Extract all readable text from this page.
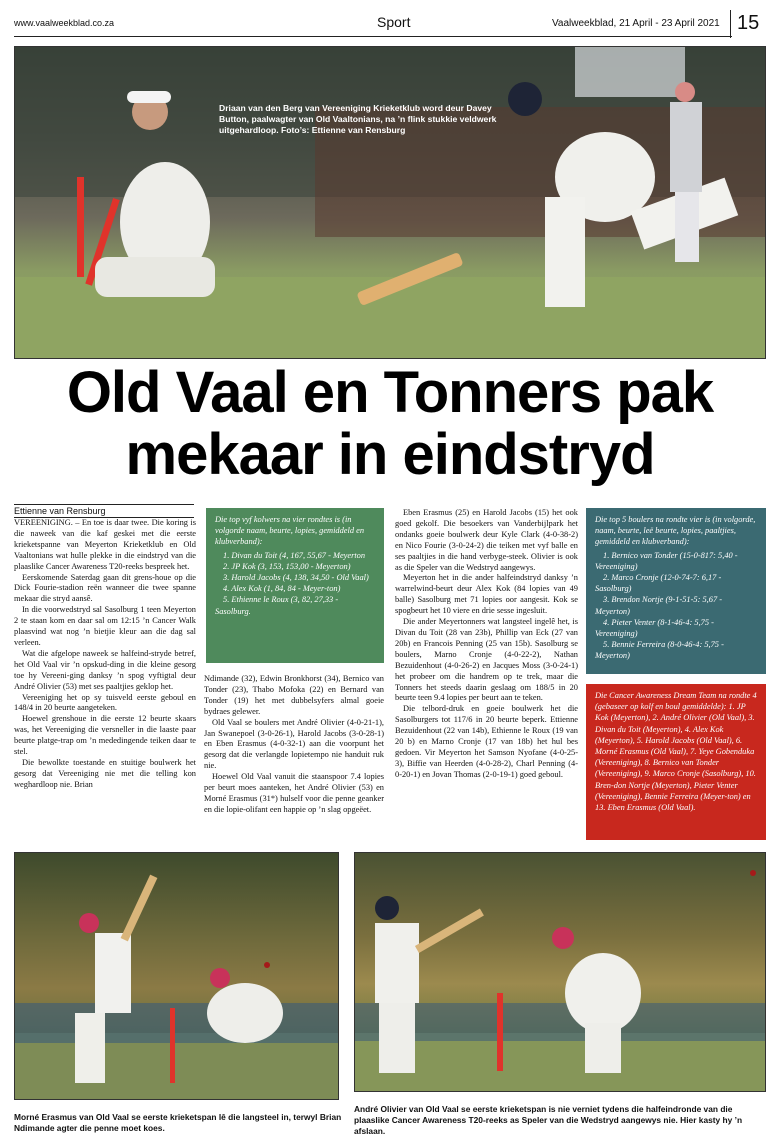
www.vaalweekblad.co.za	Sport	Vaalweekblad, 21 April - 23 April 2021 15
Driaan van den Berg van Vereeniging Krieketklub word deur Davey Button, paalwagter van Old Vaaltonians, na ’n flink stukkie veldwerk uitgehardloop. Foto’s: Ettienne van Rensburg
Old Vaal en Tonners pak
mekaar in eindstryd
Ettienne van Rensburg

VEREENIGING. – En toe is daar twee. Die koring is die naweek van die kaf geskei met die eerste krieketspanne van Meyerton Krieketklub en Old Vaaltonians wat hulle plekke in die eindstryd van die plaaslike Cancer Awareness T20-reeks bespreek het.

Eerskomende Saterdag gaan dit grens-houe op die Dick Fourie-stadion reën wanneer die twee spanne mekaar die stryd aansê.

In die voorwedstryd sal Sasolburg 1 teen Meyerton 2 te staan kom en daar sal om 12:15 ’n Cancer Walk plaasvind wat nog ’n bietjie kleur aan die dag sal verleen.

Wat die afgelope naweek se halfeind-stryde betref, het Old Vaal vir ’n opskud-ding in die kleine gesorg toe hy Vereeni-ging danksy ’n spog vyftigtal deur André Olivier (53) met ses paaltjies geklop het.

Vereeniging het op sy tuisveld eerste geboul en 148/4 in 20 beurte aangeteken.

Hoewel grenshoue in die eerste 12 beurte skaars was, het Vereeniging die versneller in die laaste paar beurte platge-trap om ’n mededingende teiken daar te stel.

Die bewolkte toestande en stuitige boulwerk het gesorg dat Vereeniging nie met die telling kon weghardloop nie. Brian

Die top vyf kolwers na vier rondtes is (in volgorde naam, beurte, lopies, gemiddeld en klubverband):
1. Divan du Toit (4, 167, 55,67 - Meyerton
2. JP Kok (3, 153, 153,00 - Meyerton)
3. Harold Jacobs (4, 138, 34,50 - Old Vaal)
4. Alex Kok (1, 84, 84 - Meyer-ton)
5. Ethienne le Roux (3, 82, 27,33 - Sasolburg.

Ndimande (32), Edwin Bronkhorst (34), Bernico van Tonder (23), Thabo Mofoka (22) en Bernard van Tonder (19) het met dubbelsyfers almal goeie bydraes gelewer.

Old Vaal se boulers met André Olivier (4-0-21-1), Jan Swanepoel (3-0-26-1), Harold Jacobs (3-0-28-1) en Eben Erasmus (4-0-32-1) aan die voorpunt het gesorg dat die verlangde lopietempo nie handuit ruk nie.

Hoewel Old Vaal vanuit die staanspoor 7.4 lopies per beurt moes aanteken, het André Olivier (53) en Morné Erasmus (31*) hulself voor die penne geanker en die lopie-olifant een happie op ’n slag opgeëet.

Eben Erasmus (25) en Harold Jacobs (15) het ook goed gekolf. Die besoekers van Vanderbijlpark het ondanks goeie boulwerk deur Kyle Clark (4-0-38-2) en Nico Fourie (3-0-24-2) die teiken met vyf balle en ses paaltjies in die hand verbyge-steek. Olivier is ook as die Speler van die Wedstryd aangewys.

Meyerton het in die ander halfeindstryd danksy ’n warrelwind-beurt deur Alex Kok (84 lopies van 49 balle) Sasolburg met 71 lopies oor aangesit. Kok se spogbeurt het 10 viere en drie sesse ingesluit.

Die ander Meyertonners wat langsteel ingelê het, is Divan du Toit (28 van 23b), Phillip van Eck (27 van 20b) en Francois Penning (25 van 15b). Sasolburg se boulers, Marno Cronje (4-0-22-2), Nathan Bezuidenhout (4-0-26-2) en Jacques Moss (3-0-24-1) het probeer om die handrem op te trek, maar die Tonners het steeds daarin geslaag om 188/5 in 20 beurte teen 9.4 lopies per beurt aan te teken.

Die telbord-druk en goeie boulwerk het die Sasolburgers tot 117/6 in 20 beurte beperk. Ettienne Bezuidenhout (22 van 14b), Ethienne le Roux (19 van 20 b) en Marno Cronje (17 van 18b) het hul bes gedoen. Vir Meyerton het Samson Nyofane (4-0-25-3), Biffie van Heerden (4-0-28-2), Charl Penning (4-0-20-1) en Jovan Thomas (2-0-19-1) goed geboul.

Die top 5 boulers na rondte vier is (in volgorde, naam, beurte, leë beurte, lopies, paaltjies, gemiddeld en klubverband):
1. Bernico van Tonder (15-0-817: 5,40 - Vereeniging)
2. Marco Cronje (12-0-74-7: 6,17 - Sasolburg)
3. Brendon Nortje (9-1-51-5: 5,67 - Meyerton)
4. Pieter Venter (8-1-46-4: 5,75 - Vereeniging)
5. Bennie Ferreira (8-0-46-4: 5,75 - Meyerton)
Die Cancer Awareness Dream Team na rondte 4 (gebaseer op kolf en boul gemiddelde): 1. JP Kok (Meyerton), 2. André Olivier (Old Vaal), 3. Divan du Toit (Meyerton), 4. Alex Kok (Meyerton), 5. Harold Jacobs (Old Vaal), 6. Morné Erasmus (Old Vaal), 7. Yeye Gobenduka (Vereeniging), 8. Bernico van Tonder (Vereeniging), 9. Marco Cronje (Sasolburg), 10. Bren-don Nortje (Meyerton), Pieter Venter (Vereeniging), Bennie Ferreira (Meyer-ton) en 13. Eben Erasmus (Old Vaal).
Morné Erasmus van Old Vaal se eerste krieketspan lê die langsteel in, terwyl Brian Ndimande agter die penne moet koes.
André Olivier van Old Vaal se eerste krieketspan is nie verniet tydens die halfeindronde van die plaaslike Cancer Awareness T20-reeks as Speler van die Wedstryd aangewys nie. Hier kasty hy ’n afslaan.
